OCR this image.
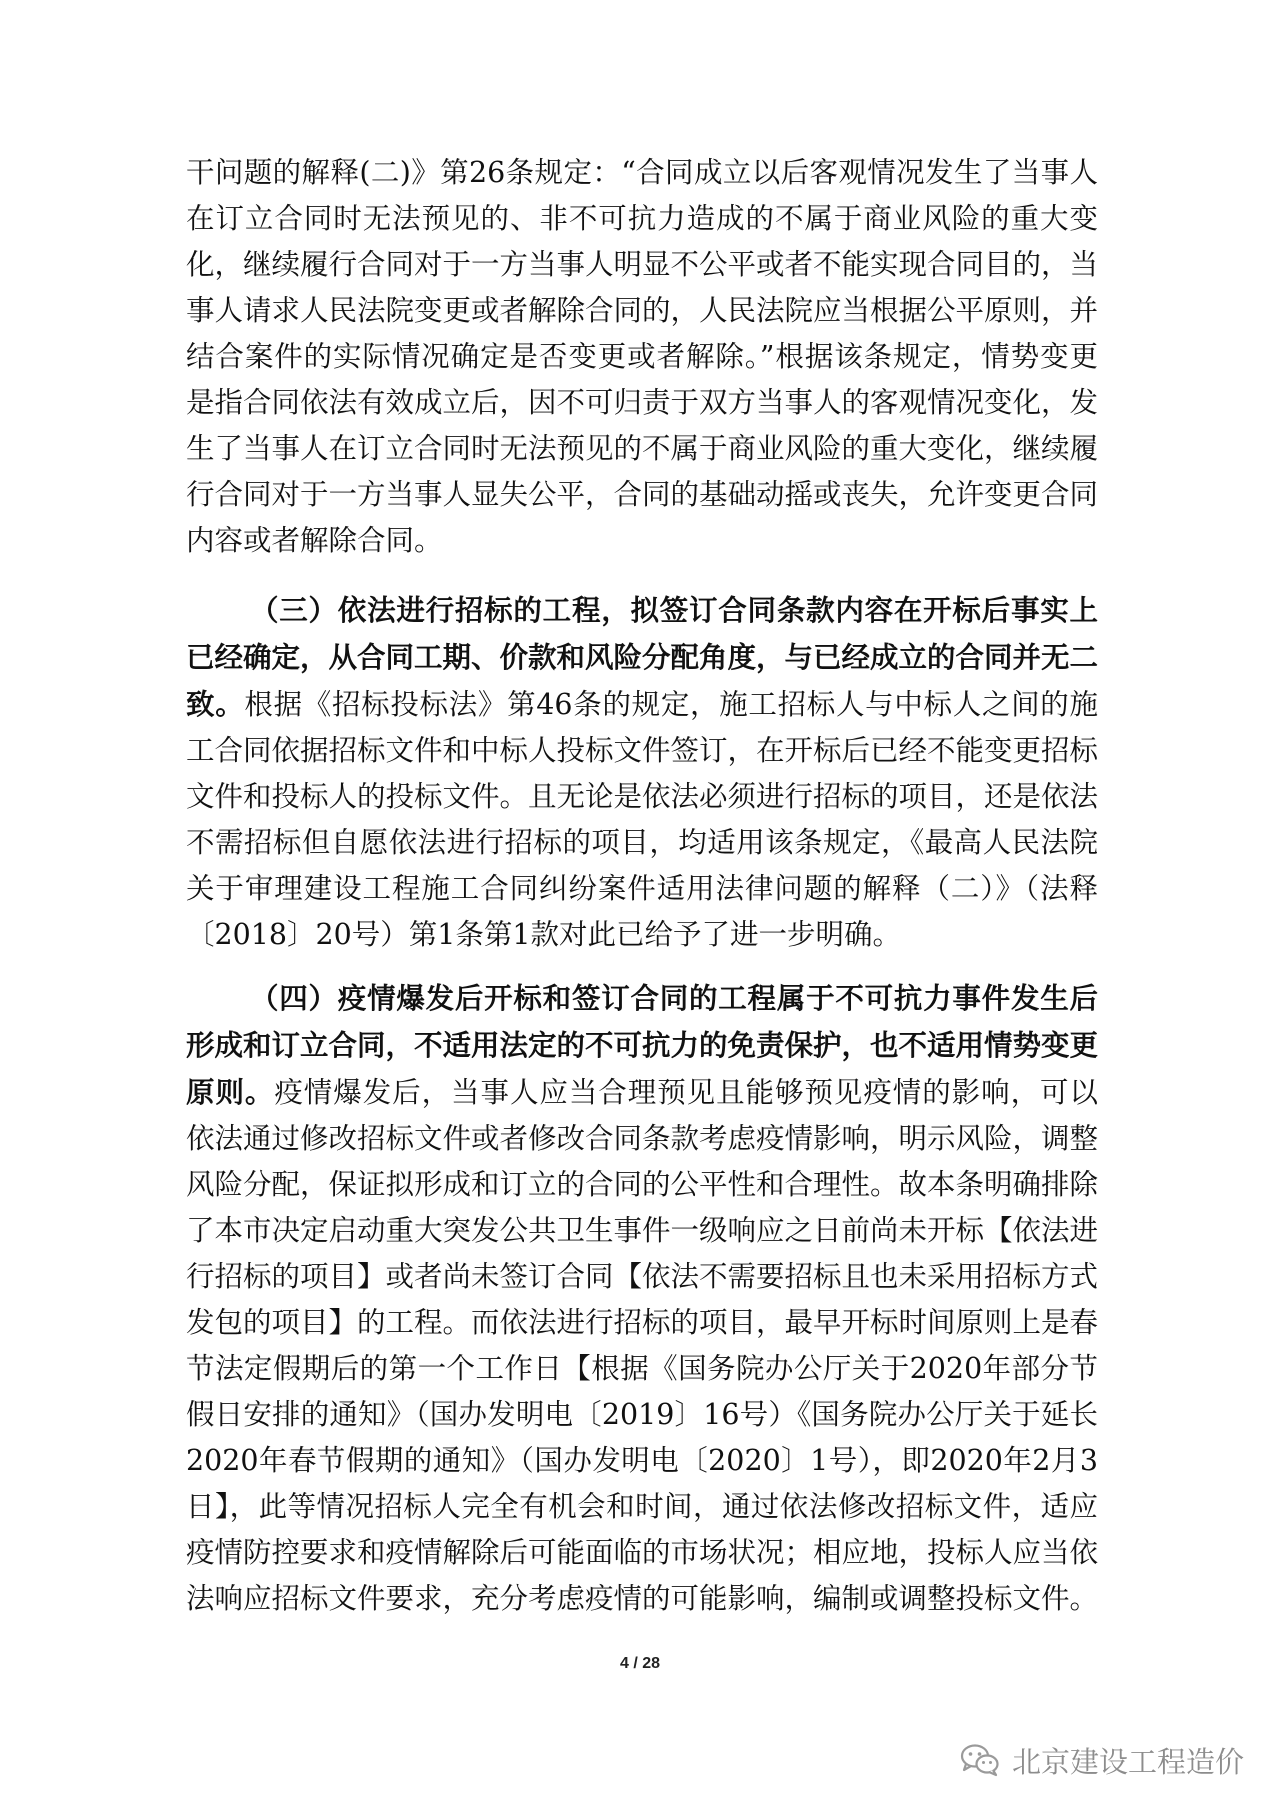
干问题的解释(二)》第26条规定：“合同成立以后客观情况发生了当事人在订立合同时无法预见的、非不可抗力造成的不属于商业风险的重大变化，继续履行合同对于一方当事人明显不公平或者不能实现合同目的，当事人请求人民法院变更或者解除合同的，人民法院应当根据公平原则，并结合案件的实际情况确定是否变更或者解除。”根据该条规定，情势变更是指合同依法有效成立后，因不可归责于双方当事人的客观情况变化，发生了当事人在订立合同时无法预见的不属于商业风险的重大变化，继续履行合同对于一方当事人显失公平，合同的基础动摇或丧失，允许变更合同内容或者解除合同。

（三）依法进行招标的工程，拟签订合同条款内容在开标后事实上已经确定，从合同工期、价款和风险分配角度，与已经成立的合同并无二致。根据《招标投标法》第46条的规定，施工招标人与中标人之间的施工合同依据招标文件和中标人投标文件签订，在开标后已经不能变更招标文件和投标人的投标文件。且无论是依法必须进行招标的项目，还是依法不需招标但自愿依法进行招标的项目，均适用该条规定，《最高人民法院关于审理建设工程施工合同纠纷案件适用法律问题的解释（二）》（法释〔2018〕20号）第1条第1款对此已给予了进一步明确。

（四）疫情爆发后开标和签订合同的工程属于不可抗力事件发生后形成和订立合同，不适用法定的不可抗力的免责保护，也不适用情势变更原则。疫情爆发后，当事人应当合理预见且能够预见疫情的影响，可以依法通过修改招标文件或者修改合同条款考虑疫情影响，明示风险，调整风险分配，保证拟形成和订立的合同的公平性和合理性。故本条明确排除了本市决定启动重大突发公共卫生事件一级响应之日前尚未开标【依法进行招标的项目】或者尚未签订合同【依法不需要招标且也未采用招标方式发包的项目】的工程。而依法进行招标的项目，最早开标时间原则上是春节法定假期后的第一个工作日【根据《国务院办公厅关于2020年部分节假日安排的通知》（国办发明电〔2019〕16号）《国务院办公厅关于延长2020年春节假期的通知》（国办发明电〔2020〕1号），即2020年2月3日】，此等情况招标人完全有机会和时间，通过依法修改招标文件，适应疫情防控要求和疫情解除后可能面临的市场状况；相应地，投标人应当依法响应招标文件要求，充分考虑疫情的可能影响，编制或调整投标文件。

4 / 28
北京建设工程造价
